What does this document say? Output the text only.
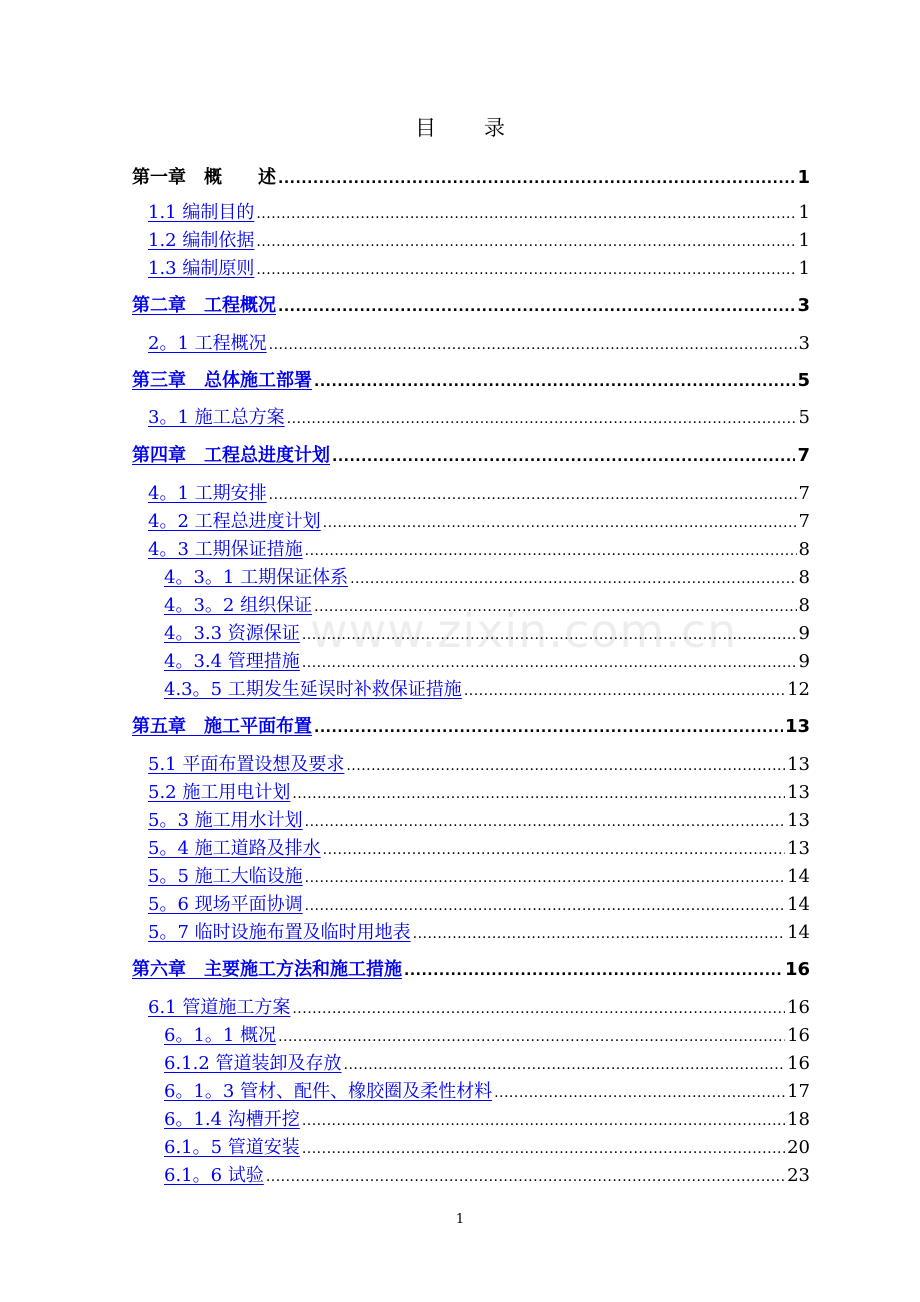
目 录
www.zixin.com.cn
第一章　概　　述 .....	1
1.1 编制目的 .....	1
1.2 编制依据 .....	1
1.3 编制原则 .....	1
第二章　工程概况 .....	3
2。1 工程概况 .....	3
第三章　总体施工部署 .....	5
3。1 施工总方案 .....	5
第四章　工程总进度计划 .....	7
4。1 工期安排 .....	7
4。2 工程总进度计划 .....	7
4。3 工期保证措施 .....	8
4。3。1 工期保证体系 .....	8
4。3。2 组织保证 .....	8
4。3.3 资源保证 .....	9
4。3.4 管理措施 .....	9
4.3。5 工期发生延误时补救保证措施 .....	12
第五章　施工平面布置 .....	13
5.1 平面布置设想及要求 .....	13
5.2 施工用电计划 .....	13
5。3 施工用水计划 .....	13
5。4 施工道路及排水 .....	13
5。5 施工大临设施 .....	14
5。6 现场平面协调 .....	14
5。7 临时设施布置及临时用地表 .....	14
第六章　主要施工方法和施工措施 .....	16
6.1 管道施工方案 .....	16
6。1。1 概况 .....	16
6.1.2 管道装卸及存放 .....	16
6。1。3 管材、配件、橡胶圈及柔性材料 .....	17
6。1.4 沟槽开挖 .....	18
6.1。5 管道安装 .....	20
6.1。6 试验 .....	23
1
